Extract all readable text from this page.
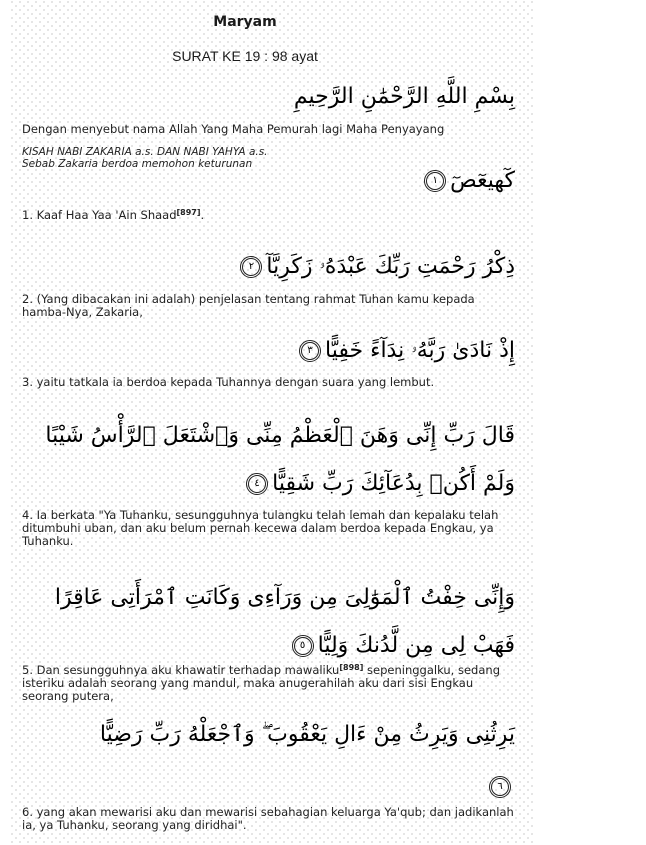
Maryam
SURAT KE 19 : 98 ayat
بِسْمِ اللَّهِ الرَّحْمَٰنِ الرَّحِيمِ
Dengan menyebut nama Allah Yang Maha Pemurah lagi Maha Penyayang
KISAH NABI ZAKARIA a.s. DAN NABI YAHYA a.s.
Sebab Zakaria berdoa memohon keturunan
كٓهيعٓصٓ١
1. Kaaf Haa Yaa 'Ain Shaad[897].
ذِكْرُ رَحْمَتِ رَبِّكَ عَبْدَهُۥ زَكَرِيَّآ٢
2. (Yang dibacakan ini adalah) penjelasan tentang rahmat Tuhan kamu kepada hamba-Nya, Zakaria,
إِذْ نَادَىٰ رَبَّهُۥ نِدَآءً خَفِيًّا٣
3. yaitu tatkala ia berdoa kepada Tuhannya dengan suara yang lembut.
قَالَ رَبِّ إِنِّى وَهَنَ ٱلْعَظْمُ مِنِّى وَٱشْتَعَلَ ٱلرَّأْسُ شَيْبًا وَلَمْ أَكُنۢ بِدُعَآئِكَ رَبِّ شَقِيًّا٤
4. Ia berkata "Ya Tuhanku, sesungguhnya tulangku telah lemah dan kepalaku telah ditumbuhi uban, dan aku belum pernah kecewa dalam berdoa kepada Engkau, ya Tuhanku.
وَإِنِّى خِفْتُ ٱلْمَوَٰلِىَ مِن وَرَآءِى وَكَانَتِ ٱمْرَأَتِى عَاقِرًا فَهَبْ لِى مِن لَّدُنكَ وَلِيًّا٥
5. Dan sesungguhnya aku khawatir terhadap mawaliku[898] sepeninggalku, sedang isteriku adalah seorang yang mandul, maka anugerahilah aku dari sisi Engkau seorang putera,
يَرِثُنِى وَيَرِثُ مِنْ ءَالِ يَعْقُوبَ ۖ وَٱجْعَلْهُ رَبِّ رَضِيًّا
٦
6. yang akan mewarisi aku dan mewarisi sebahagian keluarga Ya'qub; dan jadikanlah ia, ya Tuhanku, seorang yang diridhai".
